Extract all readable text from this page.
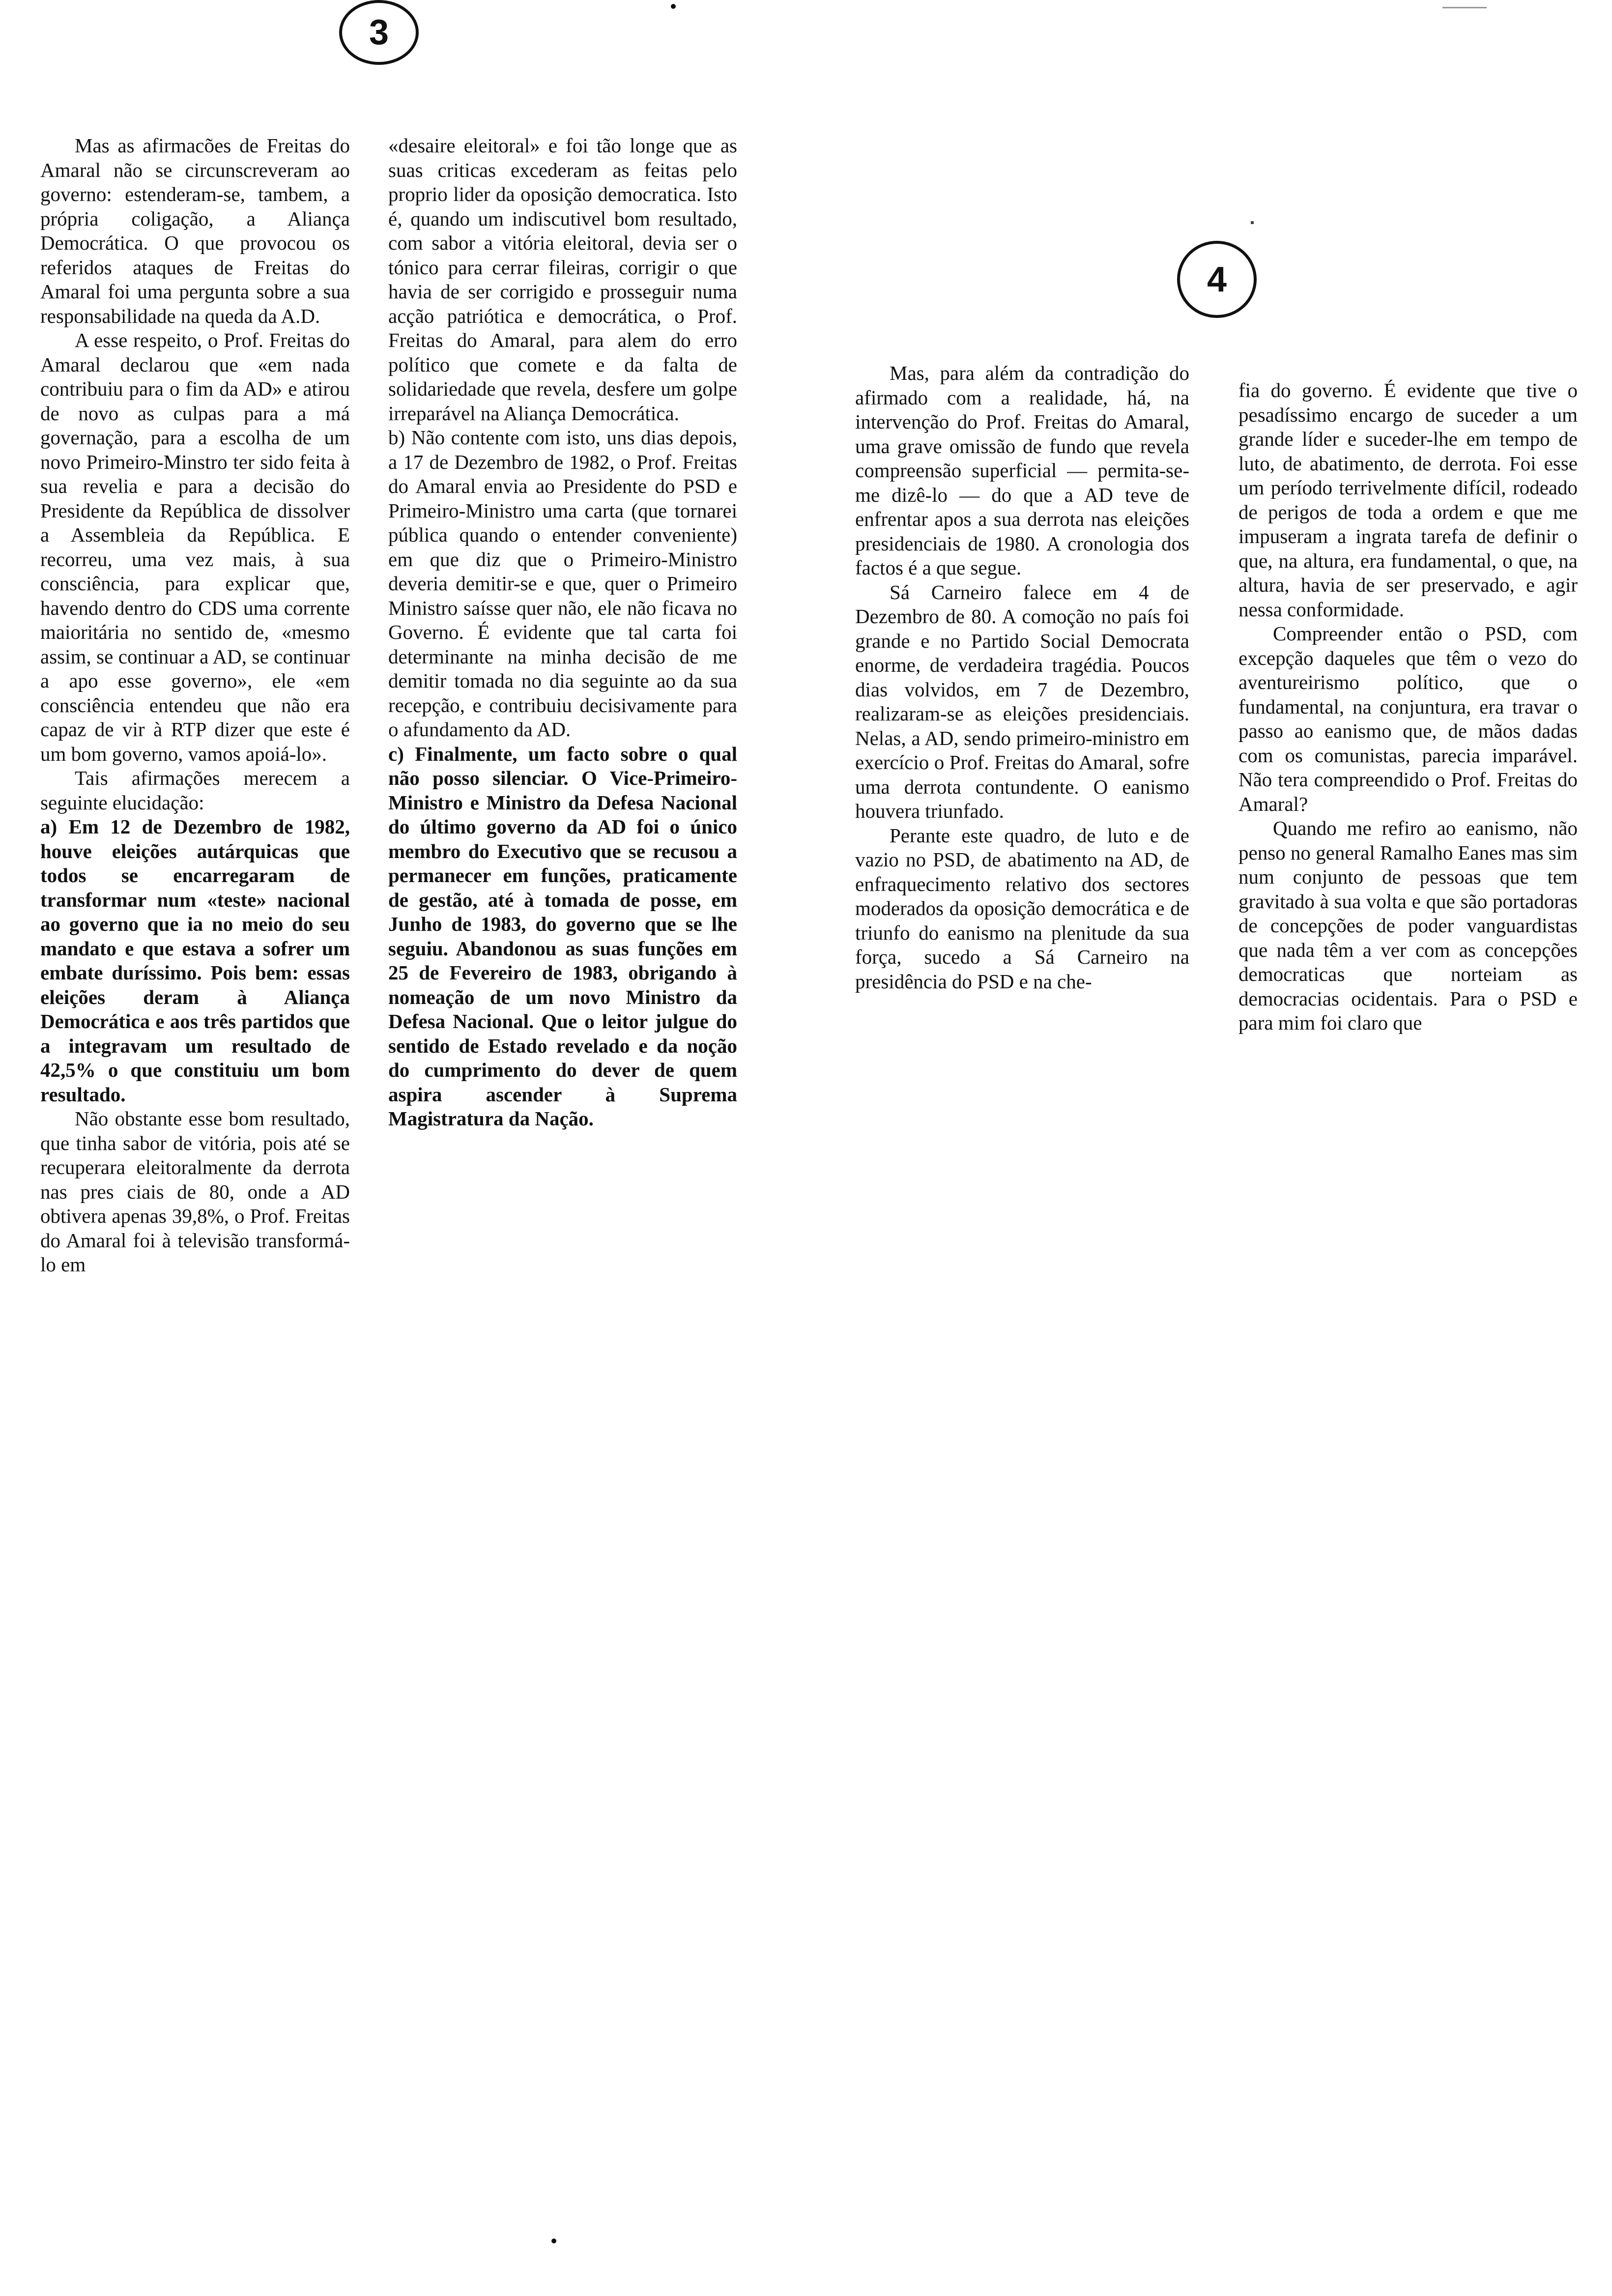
3
4

Mas as afirmacões de Freitas do Amaral não se circunscreveram ao governo: estenderam-se, tambem, a própria coligação, a Aliança Democrática. O que provocou os referidos ataques de Freitas do Amaral foi uma pergunta sobre a sua responsabilidade na queda da A.D.

A esse respeito, o Prof. Freitas do Amaral declarou que «em nada contribuiu para o fim da AD» e atirou de novo as culpas para a má governação, para a escolha de um novo Primeiro-Minstro ter sido feita à sua revelia e para a decisão do Presidente da República de dissolver a Assembleia da República. E recorreu, uma vez mais, à sua consciência, para explicar que, havendo dentro do CDS uma corrente maioritária no sentido de, «mesmo assim, se continuar a AD, se continuar a apo esse governo», ele «em consciência entendeu que não era capaz de vir à RTP dizer que este é um bom governo, vamos apoiá-lo».

Tais afirmações merecem a seguinte elucidação:

a) Em 12 de Dezembro de 1982, houve eleições autárquicas que todos se encarregaram de transformar num «teste» nacional ao governo que ia no meio do seu mandato e que estava a sofrer um embate duríssimo. Pois bem: essas eleições deram à Aliança Democrática e aos três partidos que a integravam um resultado de 42,5% o que constituiu um bom resultado.

Não obstante esse bom resultado, que tinha sabor de vitória, pois até se recuperara eleitoralmente da derrota nas pres ciais de 80, onde a AD obtivera apenas 39,8%, o Prof. Freitas do Amaral foi à televisão transformá-lo em

«desaire eleitoral» e foi tão longe que as suas criticas excederam as feitas pelo proprio lider da oposição democratica. Isto é, quando um indiscutivel bom resultado, com sabor a vitória eleitoral, devia ser o tónico para cerrar fileiras, corrigir o que havia de ser corrigido e prosseguir numa acção patriótica e democrática, o Prof. Freitas do Amaral, para alem do erro político que comete e da falta de solidariedade que revela, desfere um golpe irreparável na Aliança Democrática.

b) Não contente com isto, uns dias depois, a 17 de Dezembro de 1982, o Prof. Freitas do Amaral envia ao Presidente do PSD e Primeiro-Ministro uma carta (que tornarei pública quando o entender conveniente) em que diz que o Primeiro-Ministro deveria demitir-se e que, quer o Primeiro Ministro saísse quer não, ele não ficava no Governo. É evidente que tal carta foi determinante na minha decisão de me demitir tomada no dia seguinte ao da sua recepção, e contribuiu decisivamente para o afundamento da AD.

c) Finalmente, um facto sobre o qual não posso silenciar. O Vice-Primeiro-Ministro e Ministro da Defesa Nacional do último governo da AD foi o único membro do Executivo que se recusou a permanecer em funções, praticamente de gestão, até à tomada de posse, em Junho de 1983, do governo que se lhe seguiu. Abandonou as suas funções em 25 de Fevereiro de 1983, obrigando à nomeação de um novo Ministro da Defesa Nacional. Que o leitor julgue do sentido de Estado revelado e da noção do cumprimento do dever de quem aspira ascender à Suprema Magistratura da Nação.

Mas, para além da contradição do afirmado com a realidade, há, na intervenção do Prof. Freitas do Amaral, uma grave omissão de fundo que revela compreensão superficial — permita-se-me dizê-lo — do que a AD teve de enfrentar apos a sua derrota nas eleições presidenciais de 1980. A cronologia dos factos é a que segue.

Sá Carneiro falece em 4 de Dezembro de 80. A comoção no país foi grande e no Partido Social Democrata enorme, de verdadeira tragédia. Poucos dias volvidos, em 7 de Dezembro, realizaram-se as eleições presidenciais. Nelas, a AD, sendo primeiro-ministro em exercício o Prof. Freitas do Amaral, sofre uma derrota contundente. O eanismo houvera triunfado.

Perante este quadro, de luto e de vazio no PSD, de abatimento na AD, de enfraquecimento relativo dos sectores moderados da oposição democrática e de triunfo do eanismo na plenitude da sua força, sucedo a Sá Carneiro na presidência do PSD e na che-

fia do governo. É evidente que tive o pesadíssimo encargo de suceder a um grande líder e suceder-lhe em tempo de luto, de abatimento, de derrota. Foi esse um período terrivelmente difícil, rodeado de perigos de toda a ordem e que me impuseram a ingrata tarefa de definir o que, na altura, era fundamental, o que, na altura, havia de ser preservado, e agir nessa conformidade.

Compreender então o PSD, com excepção daqueles que têm o vezo do aventureirismo político, que o fundamental, na conjuntura, era travar o passo ao eanismo que, de mãos dadas com os comunistas, parecia imparável. Não tera compreendido o Prof. Freitas do Amaral?

Quando me refiro ao eanismo, não penso no general Ramalho Eanes mas sim num conjunto de pessoas que tem gravitado à sua volta e que são portadoras de concepções de poder vanguardistas que nada têm a ver com as concepções democraticas que norteiam as democracias ocidentais. Para o PSD e para mim foi claro que
